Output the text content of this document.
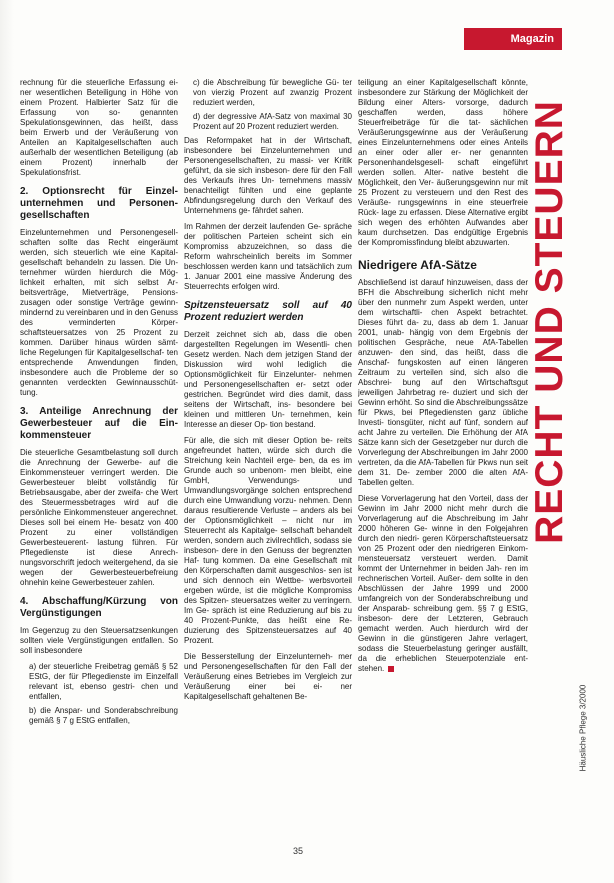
Magazin
RECHT UND STEUERN
Häusliche Pflege 3/2000

rechnung für die steuerliche Erfassung ei- ner wesentlichen Beteiligung in Höhe von einem Prozent. Halbierter Satz für die Erfassung von so- genannten Spekulationsgewinnen, das heißt, dass beim Erwerb und der Veräußerung von Anteilen an Kapitalgesellschaften auch außerhalb der wesentlichen Beteiligung (ab einem Prozent) innerhalb der Spekulationsfrist.

2. Optionsrecht für Einzel- unternehmen und Personen- gesellschaften

Einzelunternehmen und Personengesell- schaften sollte das Recht eingeräumt werden, sich steuerlich wie eine Kapital- gesellschaft behandeln zu lassen. Die Un- ternehmer würden hierdurch die Mög- lichkeit erhalten, mit sich selbst Ar- beitsverträge, Mietverträge, Pensions- zusagen oder sonstige Verträge gewinn- mindernd zu vereinbaren und in den Genuss des verminderten Körper- schaftsteuersatzes von 25 Prozent zu kommen. Darüber hinaus würden sämt- liche Regelungen für Kapitalgesellschaf- ten entsprechende Anwendungen finden, insbesondere auch die Probleme der so genannten verdeckten Gewinnausschüt- tung.

3. Anteilige Anrechnung der Gewerbesteuer auf die Ein- kommensteuer

Die steuerliche Gesamtbelastung soll durch die Anrechnung der Gewerbe- auf die Einkommensteuer verringert werden. Die Gewerbesteuer bleibt vollständig für Betriebsausgabe, aber der zweifa- che Wert des Steuermessbetrages wird auf die persönliche Einkommensteuer angerechnet. Dieses soll bei einem He- besatz von 400 Prozent zu einer vollständigen Gewerbesteuerent- lastung führen. Für Pflegedienste ist diese Anrech- nungsvorschrift jedoch weitergehend, da sie wegen der Gewerbesteuerbefreiung ohnehin keine Gewerbesteuer zahlen.

4. Abschaffung/Kürzung von Vergünstigungen

Im Gegenzug zu den Steuersatzsenkungen sollten viele Vergünstigungen entfallen. So soll insbesondere

• a) der steuerliche Freibetrag gemäß § 52 EStG, der für Pflegedienste im Einzelfall relevant ist, ebenso gestri- chen und entfallen,
• b) die Anspar- und Sonderabschreibung gemäß § 7 g EStG entfallen,
• c) die Abschreibung für bewegliche Gü- ter von vierzig Prozent auf zwanzig Prozent reduziert werden,
• d) der degressive AfA-Satz von maximal 30 Prozent auf 20 Prozent reduziert werden.

Das Reformpaket hat in der Wirtschaft, insbesondere bei Einzelunternehmen und Personengesellschaften, zu massi- ver Kritik geführt, da sie sich insbeson- dere für den Fall des Verkaufs ihres Un- ternehmens massiv benachteiligt fühlten und eine geplante Abfindungsregelung durch den Verkauf des Unternehmens ge- fährdet sahen.

Im Rahmen der derzeit laufenden Ge- spräche der politischen Parteien scheint sich ein Kompromiss abzuzeichnen, so dass die Reform wahrscheinlich bereits im Sommer beschlossen werden kann und tatsächlich zum 1. Januar 2001 eine massive Änderung des Steuerrechts erfolgen wird.

Spitzensteuersatz soll auf 40 Prozent reduziert werden

Derzeit zeichnet sich ab, dass die oben dargestellten Regelungen im Wesentli- chen Gesetz werden. Nach dem jetzigen Stand der Diskussion wird wohl lediglich die Optionsmöglichkeit für Einzelunter- nehmen und Personengesellschaften er- setzt oder gestrichen. Begründet wird dies damit, dass seitens der Wirtschaft, ins- besondere bei kleinen und mittleren Un- ternehmen, kein Interesse an dieser Op- tion bestand.

Für alle, die sich mit dieser Option be- reits angefreundet hatten, würde sich durch die Streichung kein Nachteil erge- ben, da es im Grunde auch so unbenom- men bleibt, eine GmbH, Verwendungs- und Umwandlungsvorgänge solchen entsprechend durch eine Umwandlung vorzu- nehmen. Denn daraus resultierende Verluste – anders als bei der Optionsmöglichkeit – nicht nur im Steuerrecht als Kapitalge- sellschaft behandelt werden, sondern auch zivilrechtlich, sodass sie insbeson- dere in den Genuss der begrenzten Haf- tung kommen. Da eine Gesellschaft mit den Körperschaften damit ausgeschlos- sen ist und sich dennoch ein Wettbe- werbsvorteil ergeben würde, ist die mögliche Kompromiss des Spitzen- steuersatzes weiter zu verringern. Im Ge- spräch ist eine Reduzierung auf bis zu 40 Prozent-Punkte, das heißt eine Re- duzierung des Spitzensteuersatzes auf 40 Prozent.

Die Besserstellung der Einzelunterneh- mer und Personengesellschaften für den Fall der Veräußerung eines Betriebes im Vergleich zur Veräußerung einer bei ei- ner Kapitalgesellschaft gehaltenen Be-

teiligung an einer Kapitalgesellschaft könnte, insbesondere zur Stärkung der Möglichkeit der Bildung einer Alters- vorsorge, dadurch geschaffen werden, dass höhere Steuerfreibeträge für die tat- sächlichen Veräußerungsgewinne aus der Veräußerung eines Einzelunternehmens oder eines Anteils an einer oder aller er- ner genannten Personenhandelsgesell- schaft eingeführt werden sollen. Alter- native besteht die Möglichkeit, den Ver- äußerungsgewinn nur mit 25 Prozent zu versteuern und den Rest des Veräuße- rungsgewinns in eine steuerfreie Rück- lage zu erfassen. Diese Alternative ergibt sich wegen des erhöhten Aufwandes aber kaum durchsetzen. Das endgültige Ergebnis der Kompromissfindung bleibt abzuwarten.

Niedrigere AfA-Sätze

Abschließend ist darauf hinzuweisen, dass der BFH die Abschreibung sicherlich nicht mehr über den nunmehr zum Aspekt werden, unter dem wirtschaftli- chen Aspekt betrachtet. Dieses führt da- zu, dass ab dem 1. Januar 2001, unab- hängig von dem Ergebnis der politischen Gespräche, neue AfA-Tabellen anzuwen- den sind, das heißt, dass die Anschaf- fungskosten auf einen längeren Zeitraum zu verteilen sind, sich also die Abschrei- bung auf den Wirtschaftsgut jeweiligen Jahrbetrag re- duziert und sich der Gewinn erhöht. So sind die Abschreibungssätze für Pkws, bei Pflegediensten ganz übliche Investi- tionsgüter, nicht auf fünf, sondern auf acht Jahre zu verteilen. Die Erhöhung der AfA Sätze kann sich der Gesetzgeber nur durch die Vorverlegung der Abschreibungen im Jahr 2000 vertreten, da die AfA-Tabellen für Pkws nun seit dem 31. De- zember 2000 die alten AfA-Tabellen gelten.

Diese Vorverlagerung hat den Vorteil, dass der Gewinn im Jahr 2000 nicht mehr durch die Vorverlagerung auf die Abschreibung im Jahr 2000 höheren Ge- winne in den Folgejahren durch den niedri- geren Körperschaftsteuersatz von 25 Prozent oder den niedrigeren Einkom- mensteuersatz versteuert werden. Damit kommt der Unternehmer in beiden Jah- ren im rechnerischen Vorteil. Außer- dem sollte in den Abschlüssen der Jahre 1999 und 2000 umfangreich von der Sonderabschreibung und der Ansparab- schreibung gem. §§ 7 g EStG, insbeson- dere der Letzteren, Gebrauch gemacht werden. Auch hierdurch wird der Gewinn in die günstigeren Jahre verlagert, sodass die Steuerbelastung geringer ausfällt, da die erheblichen Steuerpotenziale ent- stehen.

35
